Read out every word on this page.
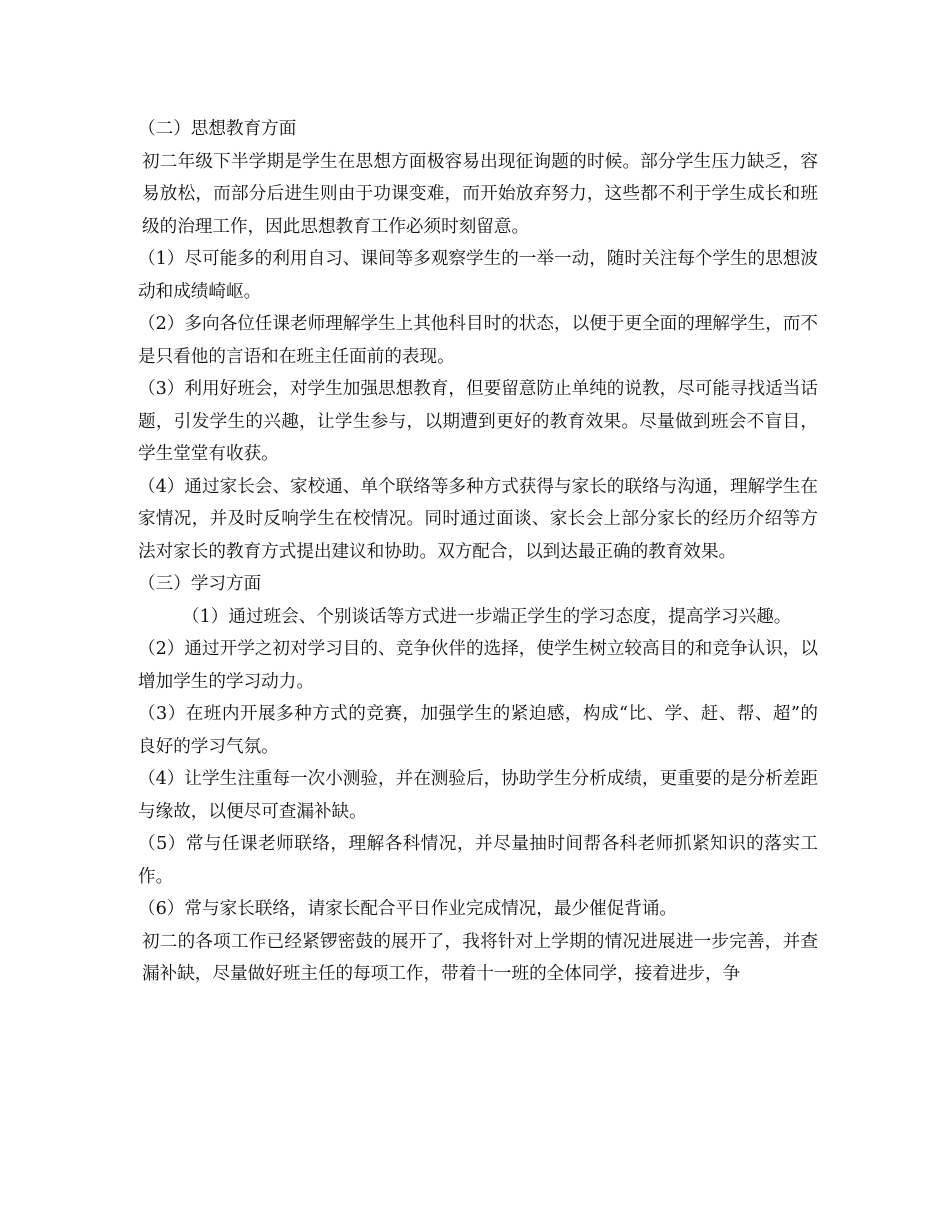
（二）思想教育方面

初二年级下半学期是学生在思想方面极容易出现征询题的时候。部分学生压力缺乏，容易放松，而部分后进生则由于功课变难，而开始放弃努力，这些都不利于学生成长和班级的治理工作，因此思想教育工作必须时刻留意。

（1）尽可能多的利用自习、课间等多观察学生的一举一动，随时关注每个学生的思想波动和成绩崎岖。

（2）多向各位任课老师理解学生上其他科目时的状态，以便于更全面的理解学生，而不是只看他的言语和在班主任面前的表现。

（3）利用好班会，对学生加强思想教育，但要留意防止单纯的说教，尽可能寻找适当话题，引发学生的兴趣，让学生参与，以期遭到更好的教育效果。尽量做到班会不盲目，学生堂堂有收获。

（4）通过家长会、家校通、单个联络等多种方式获得与家长的联络与沟通，理解学生在家情况，并及时反响学生在校情况。同时通过面谈、家长会上部分家长的经历介绍等方法对家长的教育方式提出建议和协助。双方配合，以到达最正确的教育效果。

（三）学习方面

（1）通过班会、个别谈话等方式进一步端正学生的学习态度，提高学习兴趣。

（2）通过开学之初对学习目的、竞争伙伴的选择，使学生树立较高目的和竞争认识，以增加学生的学习动力。

（3）在班内开展多种方式的竞赛，加强学生的紧迫感，构成“比、学、赶、帮、超”的良好的学习气氛。

（4）让学生注重每一次小测验，并在测验后，协助学生分析成绩，更重要的是分析差距与缘故，以便尽可查漏补缺。

（5）常与任课老师联络，理解各科情况，并尽量抽时间帮各科老师抓紧知识的落实工作。

（6）常与家长联络，请家长配合平日作业完成情况，最少催促背诵。

初二的各项工作已经紧锣密鼓的展开了，我将针对上学期的情况进展进一步完善，并查漏补缺，尽量做好班主任的每项工作，带着十一班的全体同学，接着进步，争
